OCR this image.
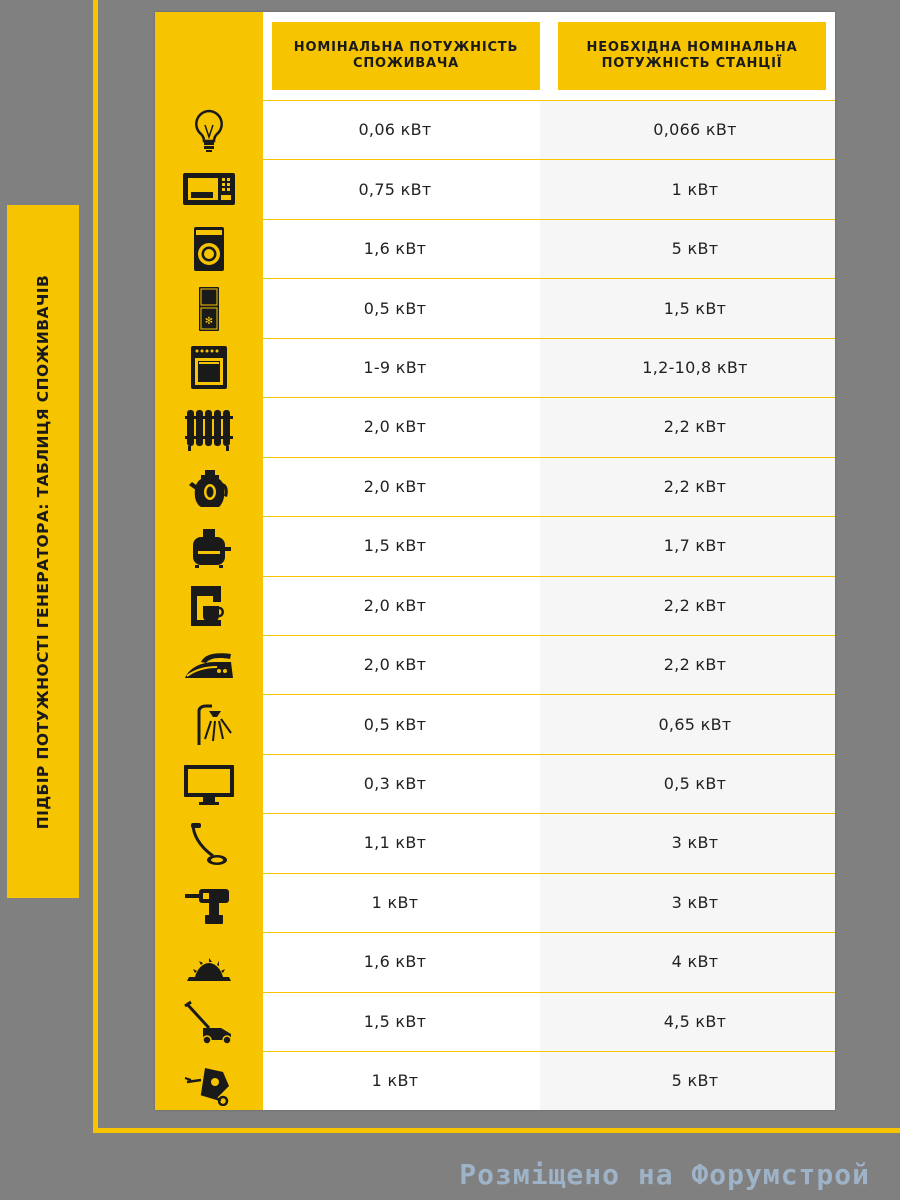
ПІДБІР ПОТУЖНОСТІ ГЕНЕРАТОРА: ТАБЛИЦЯ СПОЖИВАЧІВ
НОМІНАЛЬНА ПОТУЖНІСТЬ
СПОЖИВАЧА
НЕОБХІДНА НОМІНАЛЬНА
ПОТУЖНІСТЬ СТАНЦІЇ
0,06 кВт	0,066 кВт
0,75 кВт	1 кВт
1,6 кВт	5 кВт
✻
0,5 кВт	1,5 кВт
1-9 кВт	1,2-10,8 кВт
2,0 кВт	2,2 кВт
2,0 кВт	2,2 кВт
1,5 кВт	1,7 кВт
2,0 кВт	2,2 кВт
2,0 кВт	2,2 кВт
0,5 кВт	0,65 кВт
0,3 кВт	0,5 кВт
1,1 кВт	3 кВт
1 кВт	3 кВт
1,6 кВт	4 кВт
1,5 кВт	4,5 кВт
1 кВт	5 кВт
Розміщено на Форумстрой
